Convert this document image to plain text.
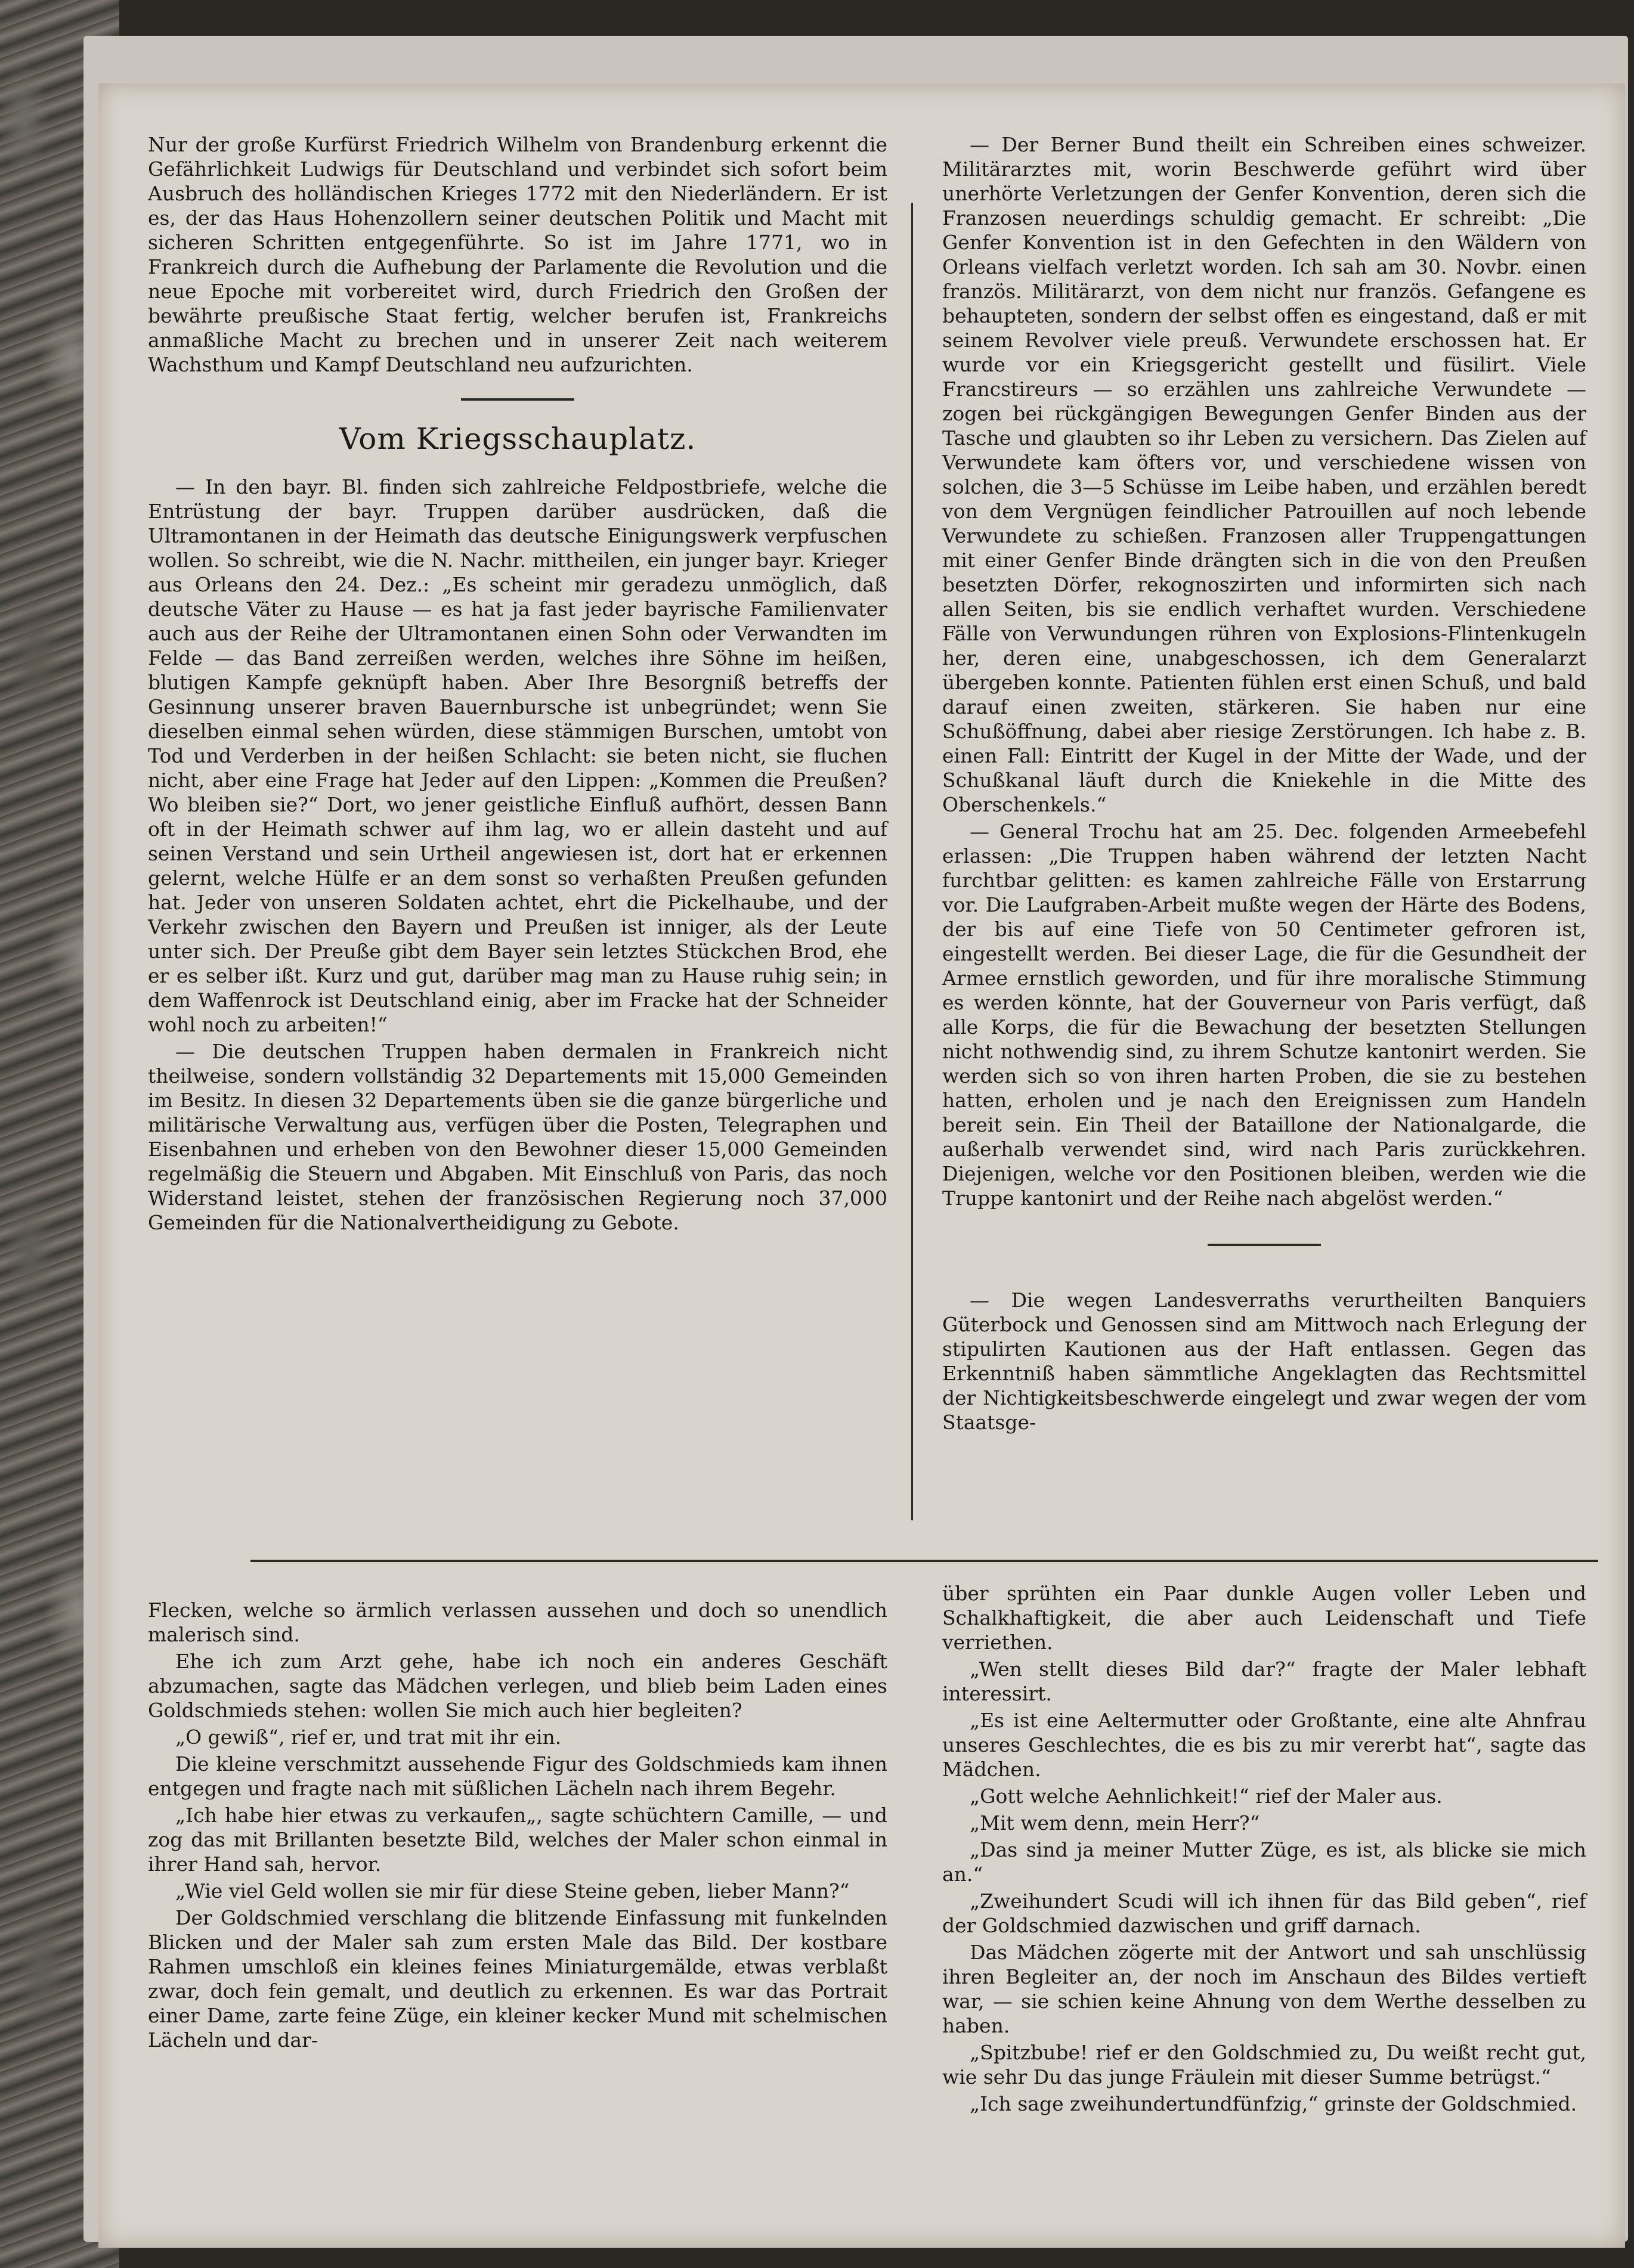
Nur der große Kurfürst Friedrich Wilhelm von Brandenburg erkennt die Gefährlichkeit Ludwigs für Deutschland und verbindet sich sofort beim Ausbruch des holländischen Krieges 1772 mit den Niederländern. Er ist es, der das Haus Hohenzollern seiner deutschen Politik und Macht mit sicheren Schritten entgegenführte. So ist im Jahre 1771, wo in Frankreich durch die Aufhebung der Parlamente die Revolution und die neue Epoche mit vorbereitet wird, durch Friedrich den Großen der bewährte preußische Staat fertig, welcher berufen ist, Frankreichs anmaßliche Macht zu brechen und in unserer Zeit nach weiterem Wachsthum und Kampf Deutschland neu aufzurichten.

Vom Kriegsschauplatz.

— In den bayr. Bl. finden sich zahlreiche Feldpostbriefe, welche die Entrüstung der bayr. Truppen darüber ausdrücken, daß die Ultramontanen in der Heimath das deutsche Einigungswerk verpfuschen wollen. So schreibt, wie die N. Nachr. mittheilen, ein junger bayr. Krieger aus Orleans den 24. Dez.: „Es scheint mir geradezu unmöglich, daß deutsche Väter zu Hause — es hat ja fast jeder bayrische Familienvater auch aus der Reihe der Ultramontanen einen Sohn oder Verwandten im Felde — das Band zerreißen werden, welches ihre Söhne im heißen, blutigen Kampfe geknüpft haben. Aber Ihre Besorgniß betreffs der Gesinnung unserer braven Bauernbursche ist unbegründet; wenn Sie dieselben einmal sehen würden, diese stämmigen Burschen, umtobt von Tod und Verderben in der heißen Schlacht: sie beten nicht, sie fluchen nicht, aber eine Frage hat Jeder auf den Lippen: „Kommen die Preußen? Wo bleiben sie?“ Dort, wo jener geistliche Einfluß aufhört, dessen Bann oft in der Heimath schwer auf ihm lag, wo er allein dasteht und auf seinen Verstand und sein Urtheil angewiesen ist, dort hat er erkennen gelernt, welche Hülfe er an dem sonst so verhaßten Preußen gefunden hat. Jeder von unseren Soldaten achtet, ehrt die Pickelhaube, und der Verkehr zwischen den Bayern und Preußen ist inniger, als der Leute unter sich. Der Preuße gibt dem Bayer sein letztes Stückchen Brod, ehe er es selber ißt. Kurz und gut, darüber mag man zu Hause ruhig sein; in dem Waffenrock ist Deutschland einig, aber im Fracke hat der Schneider wohl noch zu arbeiten!“

— Die deutschen Truppen haben dermalen in Frankreich nicht theilweise, sondern vollständig 32 Departements mit 15,000 Gemeinden im Besitz. In diesen 32 Departements üben sie die ganze bürgerliche und militärische Verwaltung aus, verfügen über die Posten, Telegraphen und Eisenbahnen und erheben von den Bewohner dieser 15,000 Gemeinden regelmäßig die Steuern und Abgaben. Mit Einschluß von Paris, das noch Widerstand leistet, stehen der französischen Regierung noch 37,000 Gemeinden für die Nationalvertheidigung zu Gebote.

— Der Berner Bund theilt ein Schreiben eines schweizer. Militärarztes mit, worin Beschwerde geführt wird über unerhörte Verletzungen der Genfer Konvention, deren sich die Franzosen neuerdings schuldig gemacht. Er schreibt: „Die Genfer Konvention ist in den Gefechten in den Wäldern von Orleans vielfach verletzt worden. Ich sah am 30. Novbr. einen französ. Militärarzt, von dem nicht nur französ. Gefangene es behaupteten, sondern der selbst offen es eingestand, daß er mit seinem Revolver viele preuß. Verwundete erschossen hat. Er wurde vor ein Kriegsgericht gestellt und füsilirt. Viele Francstireurs — so erzählen uns zahlreiche Verwundete — zogen bei rückgängigen Bewegungen Genfer Binden aus der Tasche und glaubten so ihr Leben zu versichern. Das Zielen auf Verwundete kam öfters vor, und verschiedene wissen von solchen, die 3—5 Schüsse im Leibe haben, und erzählen beredt von dem Vergnügen feindlicher Patrouillen auf noch lebende Verwundete zu schießen. Franzosen aller Truppengattungen mit einer Genfer Binde drängten sich in die von den Preußen besetzten Dörfer, rekognoszirten und informirten sich nach allen Seiten, bis sie endlich verhaftet wurden. Verschiedene Fälle von Verwundungen rühren von Explosions-Flintenkugeln her, deren eine, unabgeschossen, ich dem Generalarzt übergeben konnte. Patienten fühlen erst einen Schuß, und bald darauf einen zweiten, stärkeren. Sie haben nur eine Schußöffnung, dabei aber riesige Zerstörungen. Ich habe z. B. einen Fall: Eintritt der Kugel in der Mitte der Wade, und der Schußkanal läuft durch die Kniekehle in die Mitte des Oberschenkels.“

— General Trochu hat am 25. Dec. folgenden Armeebefehl erlassen: „Die Truppen haben während der letzten Nacht furchtbar gelitten: es kamen zahlreiche Fälle von Erstarrung vor. Die Laufgraben-Arbeit mußte wegen der Härte des Bodens, der bis auf eine Tiefe von 50 Centimeter gefroren ist, eingestellt werden. Bei dieser Lage, die für die Gesundheit der Armee ernstlich geworden, und für ihre moralische Stimmung es werden könnte, hat der Gouverneur von Paris verfügt, daß alle Korps, die für die Bewachung der besetzten Stellungen nicht nothwendig sind, zu ihrem Schutze kantonirt werden. Sie werden sich so von ihren harten Proben, die sie zu bestehen hatten, erholen und je nach den Ereignissen zum Handeln bereit sein. Ein Theil der Bataillone der Nationalgarde, die außerhalb verwendet sind, wird nach Paris zurückkehren. Diejenigen, welche vor den Positionen bleiben, werden wie die Truppe kantonirt und der Reihe nach abgelöst werden.“

— Die wegen Landesverraths verurtheilten Banquiers Güterbock und Genossen sind am Mittwoch nach Erlegung der stipulirten Kautionen aus der Haft entlassen. Gegen das Erkenntniß haben sämmtliche Angeklagten das Rechtsmittel der Nichtigkeitsbeschwerde eingelegt und zwar wegen der vom Staatsge-

Flecken, welche so ärmlich verlassen aussehen und doch so unendlich malerisch sind.

Ehe ich zum Arzt gehe, habe ich noch ein anderes Geschäft abzumachen, sagte das Mädchen verlegen, und blieb beim Laden eines Goldschmieds stehen: wollen Sie mich auch hier begleiten?

„O gewiß“, rief er, und trat mit ihr ein.

Die kleine verschmitzt aussehende Figur des Goldschmieds kam ihnen entgegen und fragte nach mit süßlichen Lächeln nach ihrem Begehr.

„Ich habe hier etwas zu verkaufen„, sagte schüchtern Camille, — und zog das mit Brillanten besetzte Bild, welches der Maler schon einmal in ihrer Hand sah, hervor.

„Wie viel Geld wollen sie mir für diese Steine geben, lieber Mann?“

Der Goldschmied verschlang die blitzende Einfassung mit funkelnden Blicken und der Maler sah zum ersten Male das Bild. Der kostbare Rahmen umschloß ein kleines feines Miniaturgemälde, etwas verblaßt zwar, doch fein gemalt, und deutlich zu erkennen. Es war das Portrait einer Dame, zarte feine Züge, ein kleiner kecker Mund mit schelmischen Lächeln und dar-

über sprühten ein Paar dunkle Augen voller Leben und Schalkhaftigkeit, die aber auch Leidenschaft und Tiefe verriethen.

„Wen stellt dieses Bild dar?“ fragte der Maler lebhaft interessirt.

„Es ist eine Aeltermutter oder Großtante, eine alte Ahnfrau unseres Geschlechtes, die es bis zu mir vererbt hat“, sagte das Mädchen.

„Gott welche Aehnlichkeit!“ rief der Maler aus.

„Mit wem denn, mein Herr?“

„Das sind ja meiner Mutter Züge, es ist, als blicke sie mich an.“

„Zweihundert Scudi will ich ihnen für das Bild geben“, rief der Goldschmied dazwischen und griff darnach.

Das Mädchen zögerte mit der Antwort und sah unschlüssig ihren Begleiter an, der noch im Anschaun des Bildes vertieft war, — sie schien keine Ahnung von dem Werthe desselben zu haben.

„Spitzbube! rief er den Goldschmied zu, Du weißt recht gut, wie sehr Du das junge Fräulein mit dieser Summe betrügst.“

„Ich sage zweihundertundfünfzig,“ grinste der Goldschmied.
